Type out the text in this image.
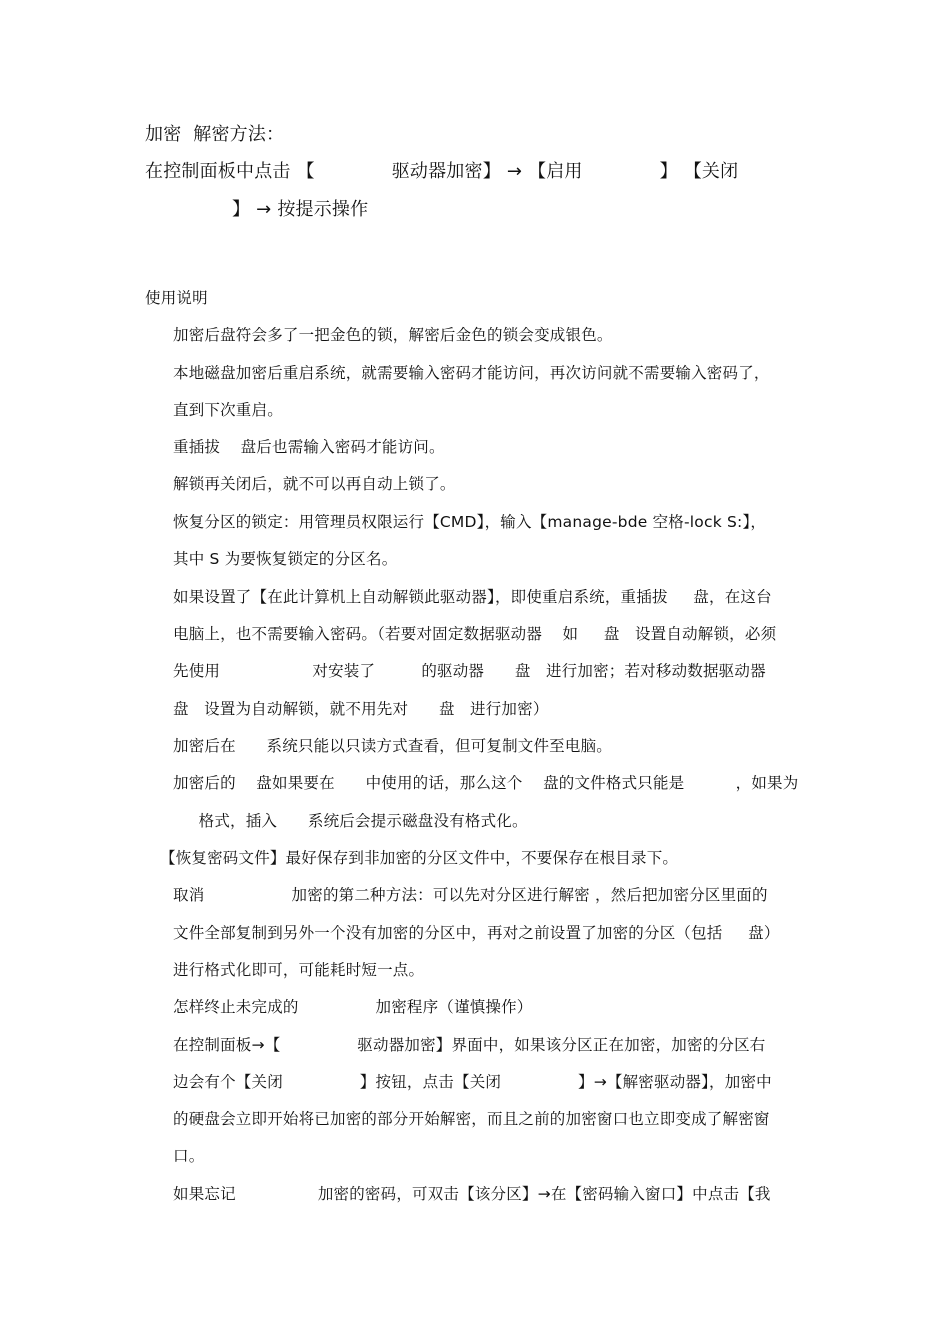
加密  解密方法：
在控制面板中点击 【             驱动器加密】 → 【启用             】 【关闭
】 → 按提示操作
使用说明
加密后盘符会多了一把金色的锁，解密后金色的锁会变成银色。
本地磁盘加密后重启系统，就需要输入密码才能访问，再次访问就不需要输入密码了，
直到下次重启。
重插拔    盘后也需输入密码才能访问。
解锁再关闭后，就不可以再自动上锁了。
恢复分区的锁定：用管理员权限运行【CMD】，输入【manage-bde 空格-lock S:】，
其中 S 为要恢复锁定的分区名。
如果设置了【在此计算机上自动解锁此驱动器】，即使重启系统，重插拔     盘，在这台
电脑上，也不需要输入密码。（若要对固定数据驱动器    如     盘   设置自动解锁，必须
先使用                  对安装了         的驱动器      盘   进行加密；若对移动数据驱动器
盘   设置为自动解锁，就不用先对      盘   进行加密）
加密后在      系统只能以只读方式查看，但可复制文件至电脑。
加密后的    盘如果要在      中使用的话，那么这个    盘的文件格式只能是          ，如果为
格式，插入      系统后会提示磁盘没有格式化。
【恢复密码文件】最好保存到非加密的分区文件中，不要保存在根目录下。
取消                 加密的第二种方法：可以先对分区进行解密 ，然后把加密分区里面的
文件全部复制到另外一个没有加密的分区中，再对之前设置了加密的分区（包括     盘）
进行格式化即可，可能耗时短一点。
怎样终止未完成的               加密程序（谨慎操作）
在控制面板→【               驱动器加密】界面中，如果该分区正在加密，加密的分区右
边会有个【关闭               】按钮，点击【关闭               】→【解密驱动器】，加密中
的硬盘会立即开始将已加密的部分开始解密，而且之前的加密窗口也立即变成了解密窗
口。
如果忘记                加密的密码，可双击【该分区】→在【密码输入窗口】中点击【我
